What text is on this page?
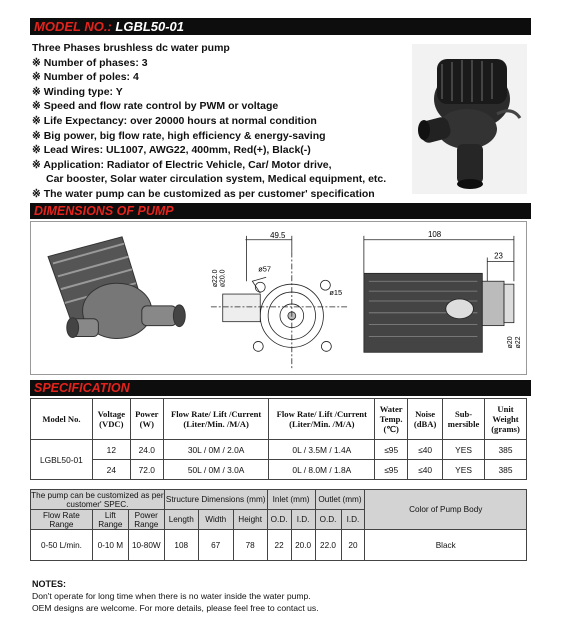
MODEL NO.: LGBL50-01
Three Phases brushless dc water pump
※ Number of phases: 3
※ Number of poles: 4
※ Winding type: Y
※ Speed and flow rate control by PWM or voltage
※ Life Expectancy: over 20000 hours at normal condition
※ Big power, big flow rate, high efficiency & energy-saving
※ Lead Wires: UL1007, AWG22, 400mm, Red(+), Black(-)
※ Application: Radiator of Electric Vehicle, Car/ Motor drive,
Car booster, Solar water circulation system, Medical equipment, etc.
※ The water pump can be customized as per customer' specification
DIMENSIONS OF PUMP
49.5
ø57
ø15
ø22.0 ø20.0
108
23
ø20 ø22
SPECIFICATION
Model No.	Voltage (VDC)	Power (W)	Flow Rate/ Lift /Current (Liter/Min. /M/A)	Flow Rate/ Lift /Current (Liter/Min. /M/A)	Water Temp. (℃)	Noise (dBA)	Sub- mersible	Unit Weight (grams)
LGBL50-01	12	24.0	30L / 0M / 2.0A	0L / 3.5M / 1.4A	≤95	≤40	YES	385
	24	72.0	50L / 0M / 3.0A	0L / 8.0M / 1.8A	≤95	≤40	YES	385
The pump can be customized as per customer' SPEC.			Structure Dimensions (mm)			Inlet (mm)		Outlet (mm)		Color of Pump Body
Flow Rate Range	Lift Range	Power Range	Length	Width	Height	O.D.	I.D.	O.D.	I.D.	
0-50 L/min.	0-10 M	10-80W	108	67	78	22	20.0	22.0	20	Black
NOTES:
Don't operate for long time when there is no water inside the water pump.
OEM designs are welcome. For more details, please feel free to contact us.
